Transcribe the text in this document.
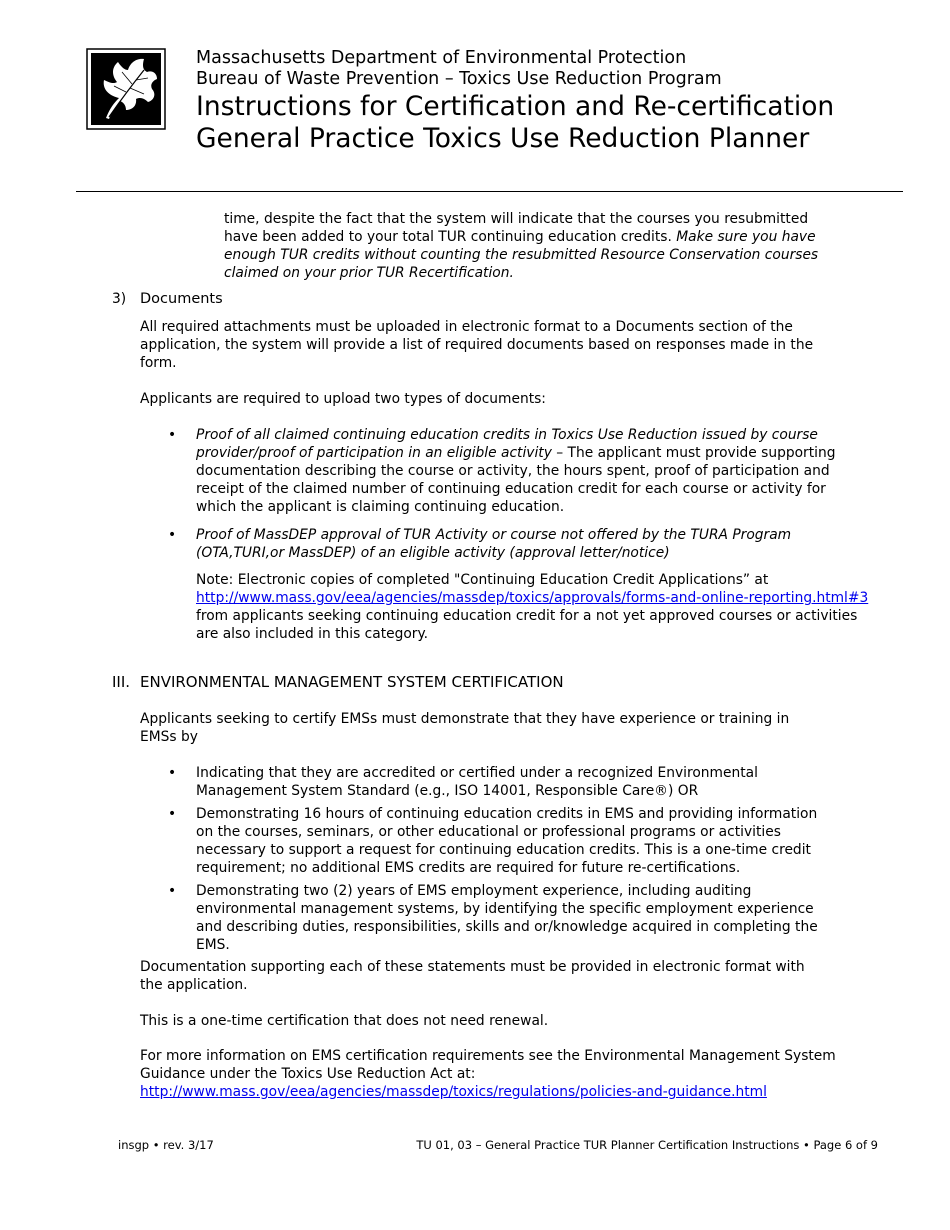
Massachusetts Department of Environmental Protection
Bureau of Waste Prevention – Toxics Use Reduction Program
Instructions for Certification and Re-certification
General Practice Toxics Use Reduction Planner

time, despite the fact that the system will indicate that the courses you resubmitted have been added to your total TUR continuing education credits. Make sure you have enough TUR credits without counting the resubmitted Resource Conservation courses claimed on your prior TUR Recertification.

3) Documents

All required attachments must be uploaded in electronic format to a Documents section of the application, the system will provide a list of required documents based on responses made in the form.

Applicants are required to upload two types of documents:

• Proof of all claimed continuing education credits in Toxics Use Reduction issued by course provider/proof of participation in an eligible activity – The applicant must provide supporting documentation describing the course or activity, the hours spent, proof of participation and receipt of the claimed number of continuing education credit for each course or activity for which the applicant is claiming continuing education.

• Proof of MassDEP approval of TUR Activity or course not offered by the TURA Program (OTA,TURI,or MassDEP) of an eligible activity (approval letter/notice)

Note: Electronic copies of completed "Continuing Education Credit Applications” at
http://www.mass.gov/eea/agencies/massdep/toxics/approvals/forms-and-online-reporting.html#3
from applicants seeking continuing education credit for a not yet approved courses or activities are also included in this category.
III. ENVIRONMENTAL MANAGEMENT SYSTEM CERTIFICATION

Applicants seeking to certify EMSs must demonstrate that they have experience or training in EMSs by

• Indicating that they are accredited or certified under a recognized Environmental Management System Standard (e.g., ISO 14001, Responsible Care®) OR

• Demonstrating 16 hours of continuing education credits in EMS and providing information on the courses, seminars, or other educational or professional programs or activities necessary to support a request for continuing education credits. This is a one-time credit requirement; no additional EMS credits are required for future re-certifications.

• Demonstrating two (2) years of EMS employment experience, including auditing environmental management systems, by identifying the specific employment experience and describing duties, responsibilities, skills and or/knowledge acquired in completing the EMS.

Documentation supporting each of these statements must be provided in electronic format with the application.

This is a one-time certification that does not need renewal.

For more information on EMS certification requirements see the Environmental Management System Guidance under the Toxics Use Reduction Act at:
http://www.mass.gov/eea/agencies/massdep/toxics/regulations/policies-and-guidance.html
insgp • rev. 3/17	TU 01, 03 – General Practice TUR Planner Certification Instructions • Page 6 of 9
